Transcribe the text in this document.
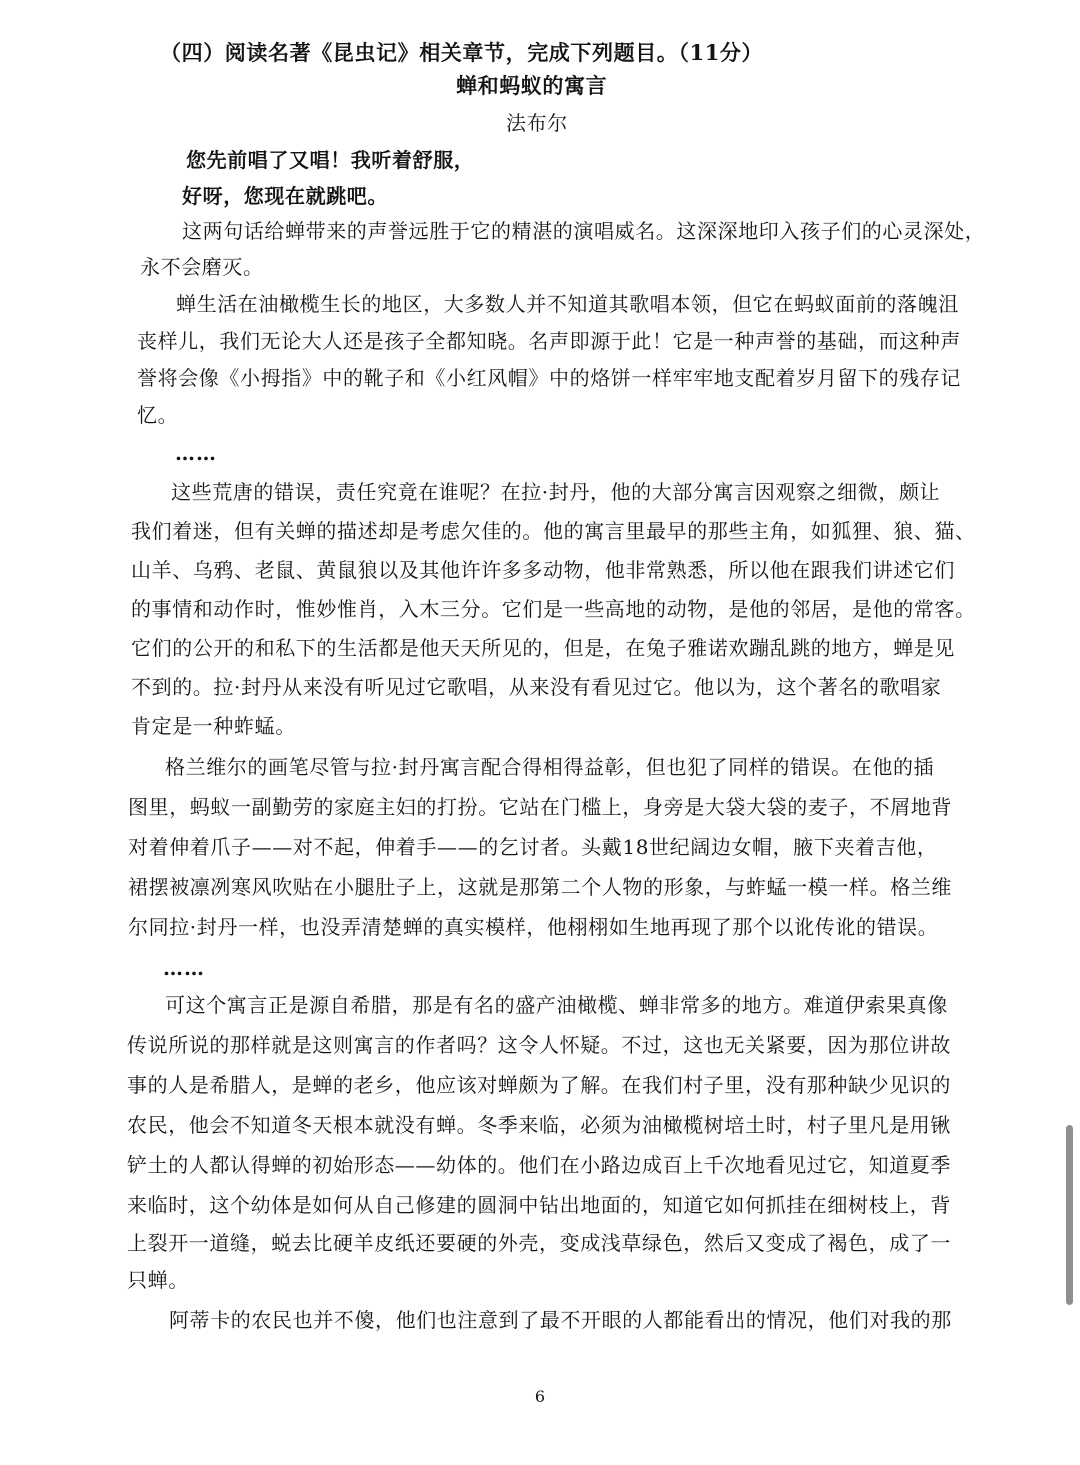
（四）阅读名著《昆虫记》相关章节，完成下列题目。（11分）
蝉和蚂蚁的寓言
法布尔
您先前唱了又唱！我听着舒服，
好呀，您现在就跳吧。
这两句话给蝉带来的声誉远胜于它的精湛的演唱威名。这深深地印入孩子们的心灵深处，
永不会磨灭。
蝉生活在油橄榄生长的地区，大多数人并不知道其歌唱本领，但它在蚂蚁面前的落魄沮
丧样儿，我们无论大人还是孩子全都知晓。名声即源于此！它是一种声誉的基础，而这种声
誉将会像《小拇指》中的靴子和《小红风帽》中的烙饼一样牢牢地支配着岁月留下的残存记
忆。
……
这些荒唐的错误，责任究竟在谁呢？在拉·封丹，他的大部分寓言因观察之细微，颇让
我们着迷，但有关蝉的描述却是考虑欠佳的。他的寓言里最早的那些主角，如狐狸、狼、猫、
山羊、乌鸦、老鼠、黄鼠狼以及其他许许多多动物，他非常熟悉，所以他在跟我们讲述它们
的事情和动作时，惟妙惟肖，入木三分。它们是一些高地的动物，是他的邻居，是他的常客。
它们的公开的和私下的生活都是他天天所见的，但是，在兔子雅诺欢蹦乱跳的地方，蝉是见
不到的。拉·封丹从来没有听见过它歌唱，从来没有看见过它。他以为，这个著名的歌唱家
肯定是一种蚱蜢。
格兰维尔的画笔尽管与拉·封丹寓言配合得相得益彰，但也犯了同样的错误。在他的插
图里，蚂蚁一副勤劳的家庭主妇的打扮。它站在门槛上，身旁是大袋大袋的麦子，不屑地背
对着伸着爪子——对不起，伸着手——的乞讨者。头戴18世纪阔边女帽，腋下夹着吉他，
裙摆被凛冽寒风吹贴在小腿肚子上，这就是那第二个人物的形象，与蚱蜢一模一样。格兰维
尔同拉·封丹一样，也没弄清楚蝉的真实模样，他栩栩如生地再现了那个以讹传讹的错误。
……
可这个寓言正是源自希腊，那是有名的盛产油橄榄、蝉非常多的地方。难道伊索果真像
传说所说的那样就是这则寓言的作者吗？这令人怀疑。不过，这也无关紧要，因为那位讲故
事的人是希腊人，是蝉的老乡，他应该对蝉颇为了解。在我们村子里，没有那种缺少见识的
农民，他会不知道冬天根本就没有蝉。冬季来临，必须为油橄榄树培土时，村子里凡是用锹
铲土的人都认得蝉的初始形态——幼体的。他们在小路边成百上千次地看见过它，知道夏季
来临时，这个幼体是如何从自己修建的圆洞中钻出地面的，知道它如何抓挂在细树枝上，背
上裂开一道缝，蜕去比硬羊皮纸还要硬的外壳，变成浅草绿色，然后又变成了褐色，成了一
只蝉。
阿蒂卡的农民也并不傻，他们也注意到了最不开眼的人都能看出的情况，他们对我的那
6
